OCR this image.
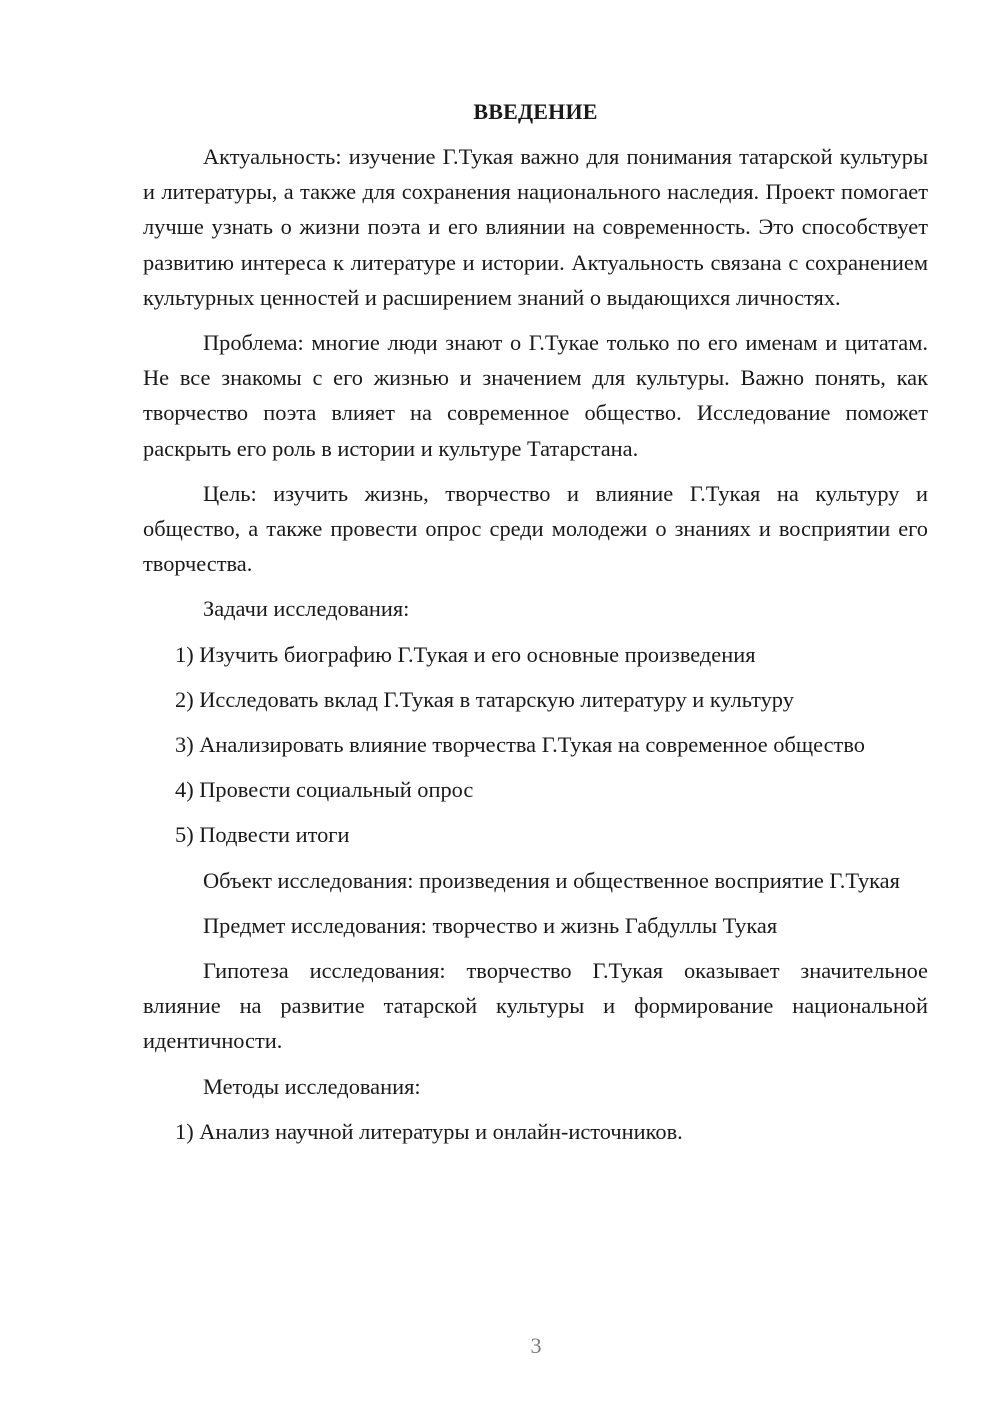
ВВЕДЕНИЕ

Актуальность: изучение Г.Тукая важно для понимания татарской культуры и литературы, а также для сохранения национального наследия. Проект помогает лучше узнать о жизни поэта и его влиянии на современность. Это способствует развитию интереса к литературе и истории. Актуальность связана с сохранением культурных ценностей и расширением знаний о выдающихся личностях.

Проблема: многие люди знают о Г.Тукае только по его именам и цитатам. Не все знакомы с его жизнью и значением для культуры. Важно понять, как творчество поэта влияет на современное общество. Исследование поможет раскрыть его роль в истории и культуре Татарстана.

Цель: изучить жизнь, творчество и влияние Г.Тукая на культуру и общество, а также провести опрос среди молодежи о знаниях и восприятии его творчества.

Задачи исследования:

1) Изучить биографию Г.Тукая и его основные произведения

2) Исследовать вклад Г.Тукая в татарскую литературу и культуру

3) Анализировать влияние творчества Г.Тукая на современное общество

4) Провести социальный опрос

5) Подвести итоги

Объект исследования: произведения и общественное восприятие Г.Тукая

Предмет исследования: творчество и жизнь Габдуллы Тукая

Гипотеза исследования: творчество Г.Тукая оказывает значительное влияние на развитие татарской культуры и формирование национальной идентичности.

Методы исследования:

1) Анализ научной литературы и онлайн-источников.

3
